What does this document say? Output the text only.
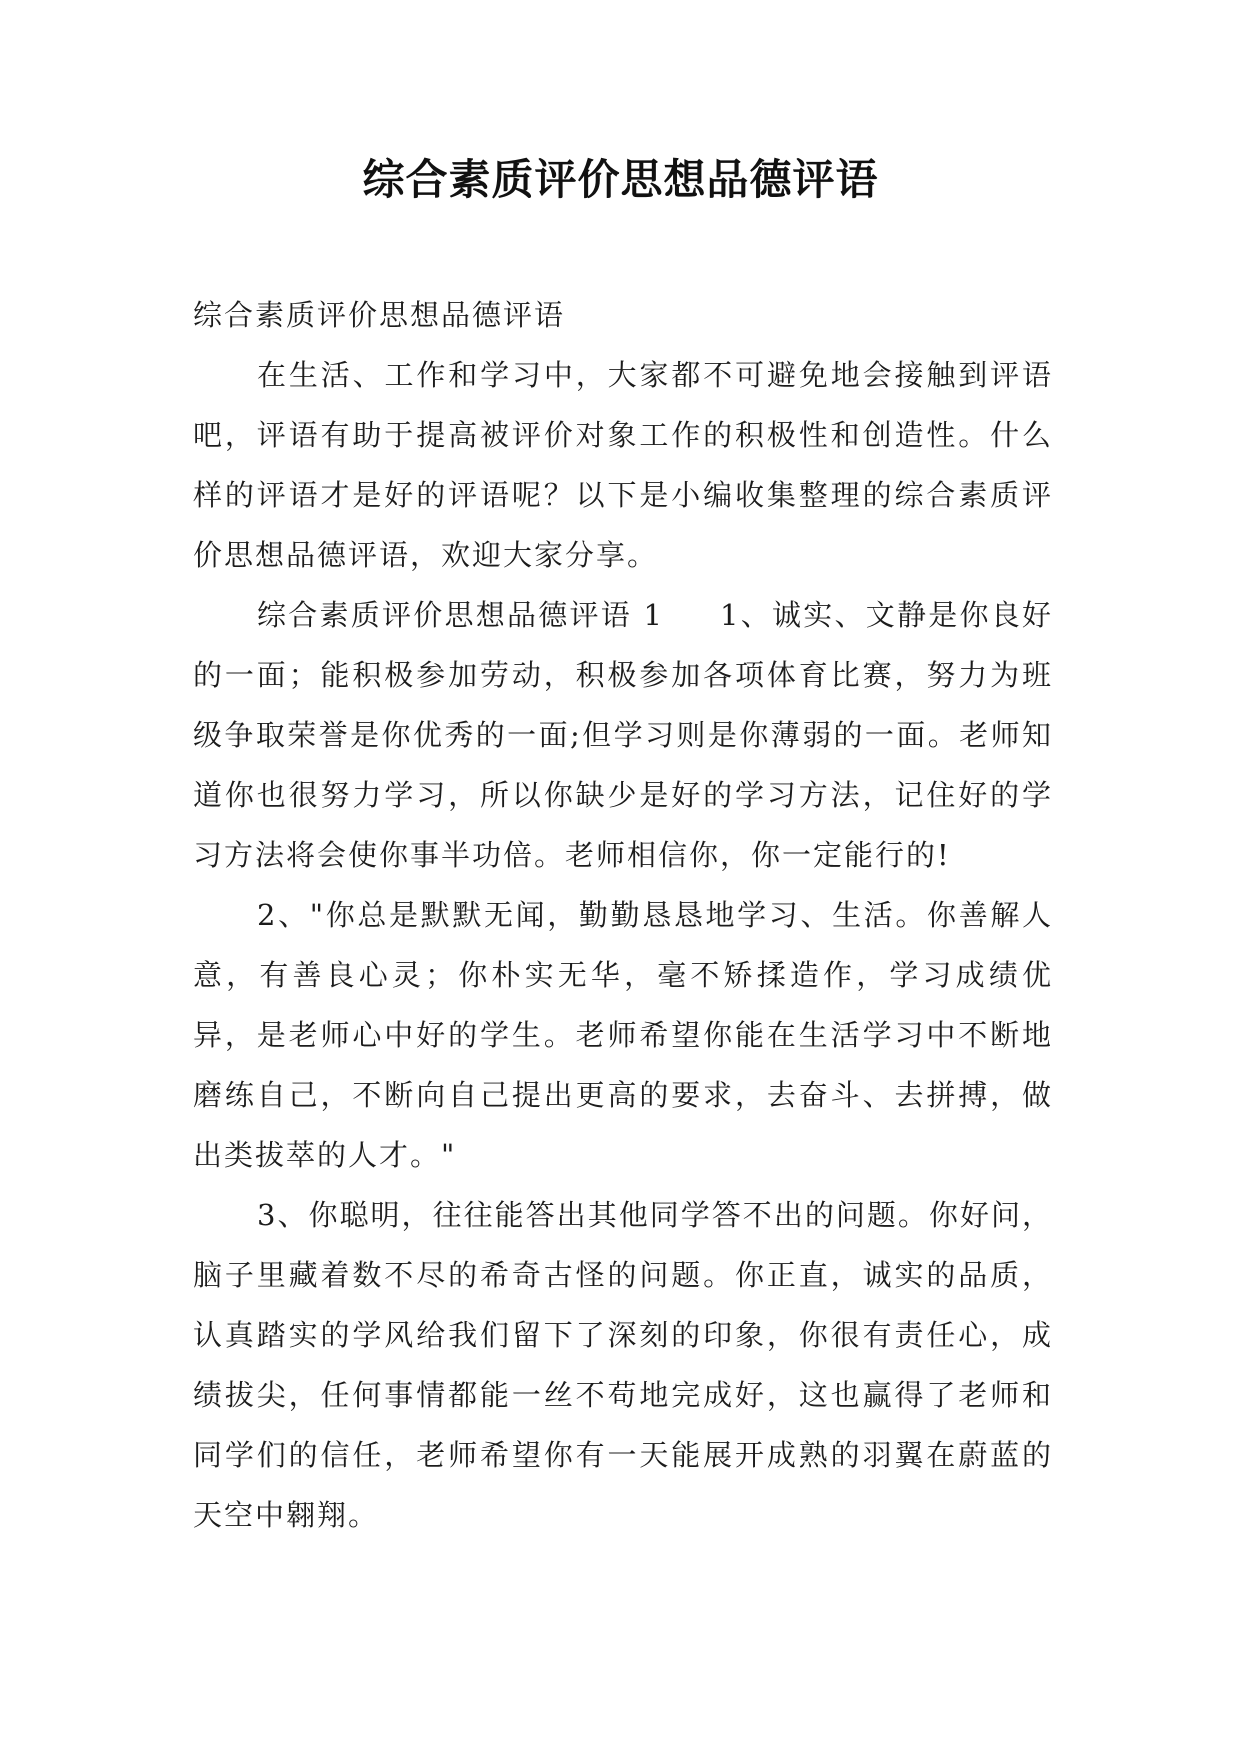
综合素质评价思想品德评语

综合素质评价思想品德评语

在生活、工作和学习中，大家都不可避免地会接触到评语吧，评语有助于提高被评价对象工作的积极性和创造性。什么样的评语才是好的评语呢？以下是小编收集整理的综合素质评价思想品德评语，欢迎大家分享。

综合素质评价思想品德评语 1 1、诚实、文静是你良好的一面；能积极参加劳动，积极参加各项体育比赛，努力为班级争取荣誉是你优秀的一面;但学习则是你薄弱的一面。老师知道你也很努力学习，所以你缺少是好的学习方法，记住好的学习方法将会使你事半功倍。老师相信你，你一定能行的!

2、"你总是默默无闻，勤勤恳恳地学习、生活。你善解人意，有善良心灵；你朴实无华，毫不矫揉造作，学习成绩优异，是老师心中好的学生。老师希望你能在生活学习中不断地磨练自己，不断向自己提出更高的要求，去奋斗、去拼搏，做出类拔萃的人才。"

3、你聪明，往往能答出其他同学答不出的问题。你好问，脑子里藏着数不尽的希奇古怪的问题。你正直，诚实的品质，认真踏实的学风给我们留下了深刻的印象，你很有责任心，成绩拔尖，任何事情都能一丝不苟地完成好，这也赢得了老师和同学们的信任，老师希望你有一天能展开成熟的羽翼在蔚蓝的天空中翱翔。
